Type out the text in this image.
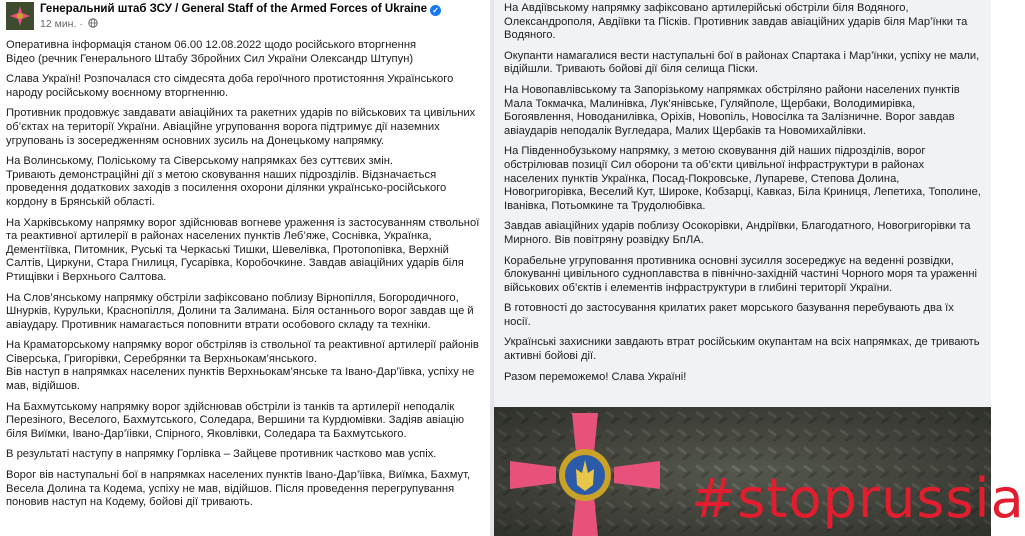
Генеральний штаб ЗСУ / General Staff of the Armed Forces of Ukraine ✓
12 мин. ·

Оперативна інформація станом 06.00 12.08.2022 щодо російського вторгнення
Відео (речник Генерального Штабу Збройних Сил України Олександр Штупун)

Слава Україні! Розпочалася сто сімдесята доба героїчного протистояння Українського народу російському воєнному вторгненню.

Противник продовжує завдавати авіаційних та ракетних ударів по військових та цивільних об’єктах на території України. Авіаційне угруповання ворога підтримує дії наземних угруповань із зосередженням основних зусиль на Донецькому напрямку.

На Волинському, Поліському та Сіверському напрямках без суттєвих змін.
Тривають демонстраційні дії з метою сковування наших підрозділів. Відзначається проведення додаткових заходів з посилення охорони ділянки українсько-російського кордону в Брянській області.

На Харківському напрямку ворог здійснював вогневе ураження із застосуванням ствольної та реактивної артилерії в районах населених пунктів Леб’яже, Соснівка, Українка, Дементіївка, Питомник, Руські та Черкаські Тишки, Шевелівка, Протопопівка, Верхній Салтів, Циркуни, Стара Гнилиця, Гусарівка, Коробочкине. Завдав авіаційних ударів біля Ртищівки і Верхнього Салтова.

На Слов’янському напрямку обстріли зафіксовано поблизу Вірнопілля, Богородичного, Шнурків, Курульки, Краснопілля, Долини та Залимана. Біля останнього ворог завдав ще й авіаудару. Противник намагається поповнити втрати особового складу та техніки.

На Краматорському напрямку ворог обстріляв із ствольної та реактивної артилерії районів Сіверська, Григорівки, Серебрянки та Верхньокам’янського.
Вів наступ в напрямках населених пунктів Верхньокам’янське та Івано-Дар’їівка, успіху не мав, відійшов.

На Бахмутському напрямку ворог здійснював обстріли із танків та артилерії неподалік Перезіного, Веселого, Бахмутського, Соледара, Вершини та Курдюмівки. Задіяв авіацію біля Виїмки, Івано-Дар’їівки, Спірного, Яковлівки, Соледара та Бахмутського.

В результаті наступу в напрямку Горлівка – Зайцеве противник частково мав успіх.

Ворог вів наступальні бої в напрямках населених пунктів Івано-Дар’їівка, Виїмка, Бахмут, Весела Долина та Кодема, успіху не мав, відійшов. Після проведення перегрупування поновив наступ на Кодему, бойові дії тривають.

На Авдіївському напрямку зафіксовано артилерійські обстріли біля Водяного, Олександрополя, Авдіївки та Пісків. Противник завдав авіаційних ударів біля Мар’їнки та Водяного.

Окупанти намагалися вести наступальні бої в районах Спартака і Мар’їнки, успіху не мали, відійшли. Тривають бойові дії біля селища Піски.

На Новопавлівському та Запорізькому напрямках обстріляно райони населених пунктів Мала Токмачка, Малинівка, Лук’янівське, Гуляйполе, Щербаки, Володимирівка, Богоявлення, Новоданилівка, Оріхів, Новопіль, Новосілка та Залізничне. Ворог завдав авіаударів неподалік Вугледара, Малих Щербаків та Новомихайлівки.

На Південнобузькому напрямку, з метою сковування дій наших підрозділів, ворог обстрілював позиції Сил оборони та об’єкти цивільної інфраструктури в районах населених пунктів Українка, Посад-Покровське, Лупареве, Степова Долина, Новогригорівка, Веселий Кут, Широке, Кобзарці, Кавказ, Біла Криниця, Лепетиха, Тополине, Іванівка, Потьомкине та Трудолюбівка.

Завдав авіаційних ударів поблизу Осокорівки, Андріївки, Благодатного, Новогригорівки та Мирного. Вів повітряну розвідку БпЛА.

Корабельне угруповання противника основні зусилля зосереджує на веденні розвідки, блокуванні цивільного судноплавства в північно-західній частині Чорного моря та ураженні військових об’єктів і елементів інфраструктури в глибині території України.

В готовності до застосування крилатих ракет морського базування перебувають два їх носії.

Українські захисники завдають втрат російським окупантам на всіх напрямках, де тривають активні бойові дії.

Разом переможемо! Слава Україні!

#stoprussia
